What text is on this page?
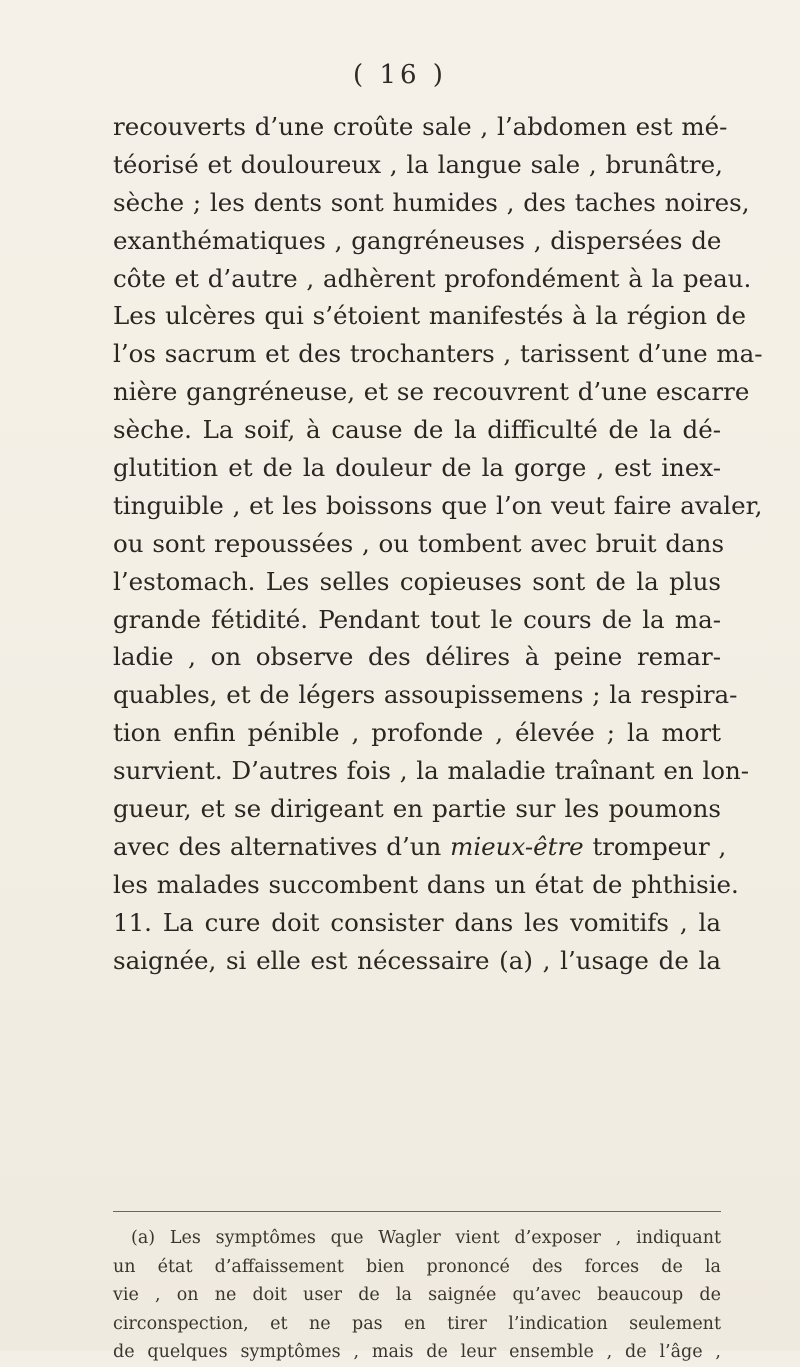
( 16 )
recouverts d’une croûte sale , l’abdomen est mé-
téorisé et douloureux , la langue sale , brunâtre,
sèche ; les dents sont humides , des taches noires,
exanthématiques , gangréneuses , dispersées de
côte et d’autre , adhèrent profondément à la peau.
Les ulcères qui s’étoient manifestés à la région de
l’os sacrum et des trochanters , tarissent d’une ma-
nière gangréneuse, et se recouvrent d’une escarre
sèche. La soif, à cause de la difficulté de la dé-
glutition et de la douleur de la gorge , est inex-
tinguible , et les boissons que l’on veut faire avaler,
ou sont repoussées , ou tombent avec bruit dans
l’estomach. Les selles copieuses sont de la plus
grande fétidité. Pendant tout le cours de la ma-
ladie , on observe des délires à peine remar-
quables, et de légers assoupissemens ; la respira-
tion enfin pénible , profonde , élevée ; la mort
survient. D’autres fois , la maladie traînant en lon-
gueur, et se dirigeant en partie sur les poumons
avec des alternatives d’un mieux-être trompeur ,
les malades succombent dans un état de phthisie.
11. La cure doit consister dans les vomitifs , la
saignée, si elle est nécessaire (a) , l’usage de la
(a) Les symptômes que Wagler vient d’exposer , indiquant
un état d’affaissement bien prononcé des forces de la
vie , on ne doit user de la saignée qu’avec beaucoup de
circonspection, et ne pas en tirer l’indication seulement
de quelques symptômes , mais de leur ensemble , de l’âge ,
